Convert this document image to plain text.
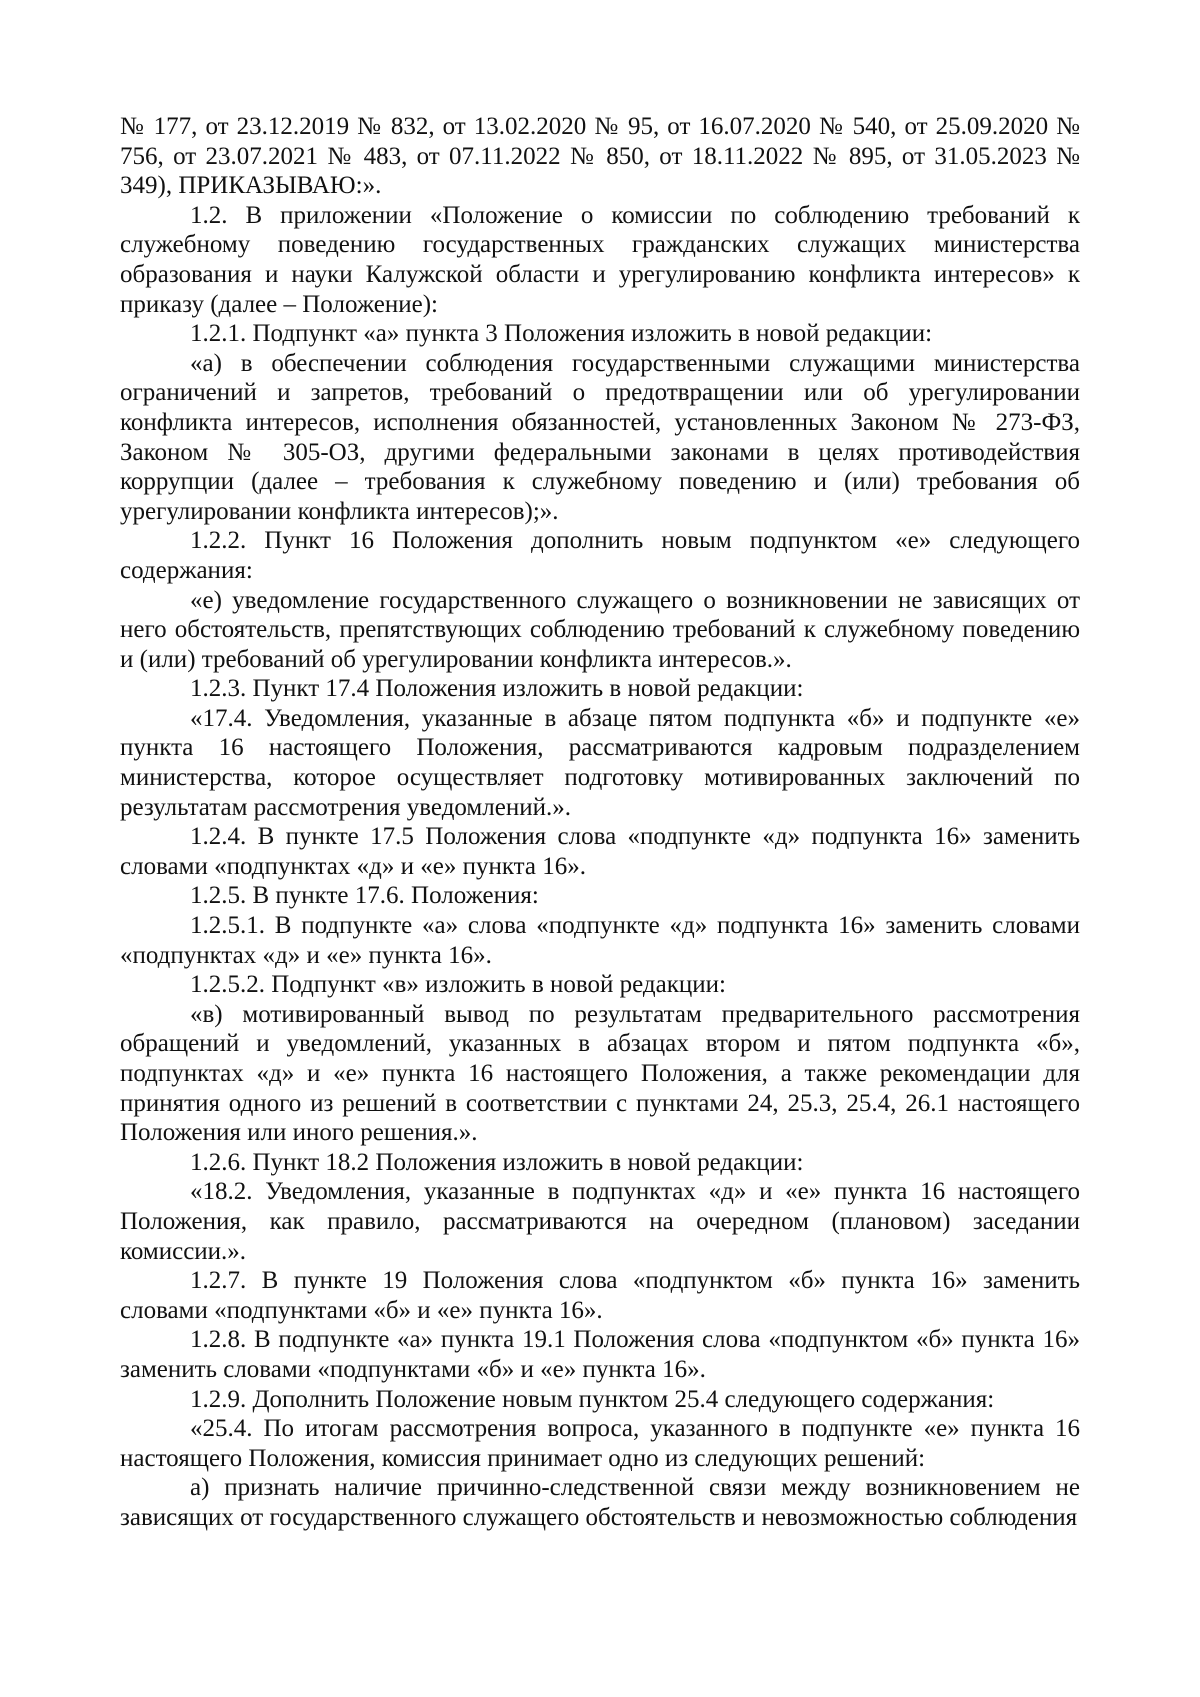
№ 177, от 23.12.2019 № 832, от 13.02.2020 № 95, от 16.07.2020 № 540, от 25.09.2020 № 756, от 23.07.2021 № 483, от 07.11.2022 № 850, от 18.11.2022 № 895, от 31.05.2023 № 349), ПРИКАЗЫВАЮ:».

1.2. В приложении «Положение о комиссии по соблюдению требований к служебному поведению государственных гражданских служащих министерства образования и науки Калужской области и урегулированию конфликта интересов» к приказу (далее – Положение):

1.2.1. Подпункт «а» пункта 3 Положения изложить в новой редакции:

«а) в обеспечении соблюдения государственными служащими министерства ограничений и запретов, требований о предотвращении или об урегулировании конфликта интересов, исполнения обязанностей, установленных Законом № 273-ФЗ, Законом № 305-ОЗ, другими федеральными законами в целях противодействия коррупции (далее – требования к служебному поведению и (или) требования об урегулировании конфликта интересов);».

1.2.2. Пункт 16 Положения дополнить новым подпунктом «е» следующего содержания:

«е) уведомление государственного служащего о возникновении не зависящих от него обстоятельств, препятствующих соблюдению требований к служебному поведению и (или) требований об урегулировании конфликта интересов.».

1.2.3. Пункт 17.4 Положения изложить в новой редакции:

«17.4. Уведомления, указанные в абзаце пятом подпункта «б» и подпункте «е» пункта 16 настоящего Положения, рассматриваются кадровым подразделением министерства, которое осуществляет подготовку мотивированных заключений по результатам рассмотрения уведомлений.».

1.2.4. В пункте 17.5 Положения слова «подпункте «д» подпункта 16» заменить словами «подпунктах «д» и «е» пункта 16».

1.2.5. В пункте 17.6. Положения:

1.2.5.1. В подпункте «а» слова «подпункте «д» подпункта 16» заменить словами «подпунктах «д» и «е» пункта 16».

1.2.5.2. Подпункт «в» изложить в новой редакции:

«в) мотивированный вывод по результатам предварительного рассмотрения обращений и уведомлений, указанных в абзацах втором и пятом подпункта «б», подпунктах «д» и «е» пункта 16 настоящего Положения, а также рекомендации для принятия одного из решений в соответствии с пунктами 24, 25.3, 25.4, 26.1 настоящего Положения или иного решения.».

1.2.6. Пункт 18.2 Положения изложить в новой редакции:

«18.2. Уведомления, указанные в подпунктах «д» и «е» пункта 16 настоящего Положения, как правило, рассматриваются на очередном (плановом) заседании комиссии.».

1.2.7. В пункте 19 Положения слова «подпунктом «б» пункта 16» заменить словами «подпунктами «б» и «е» пункта 16».

1.2.8. В подпункте «а» пункта 19.1 Положения слова «подпунктом «б» пункта 16» заменить словами «подпунктами «б» и «е» пункта 16».

1.2.9. Дополнить Положение новым пунктом 25.4 следующего содержания:

«25.4. По итогам рассмотрения вопроса, указанного в подпункте «е» пункта 16 настоящего Положения, комиссия принимает одно из следующих решений:

а) признать наличие причинно-следственной связи между возникновением не зависящих от государственного служащего обстоятельств и невозможностью соблюдения
